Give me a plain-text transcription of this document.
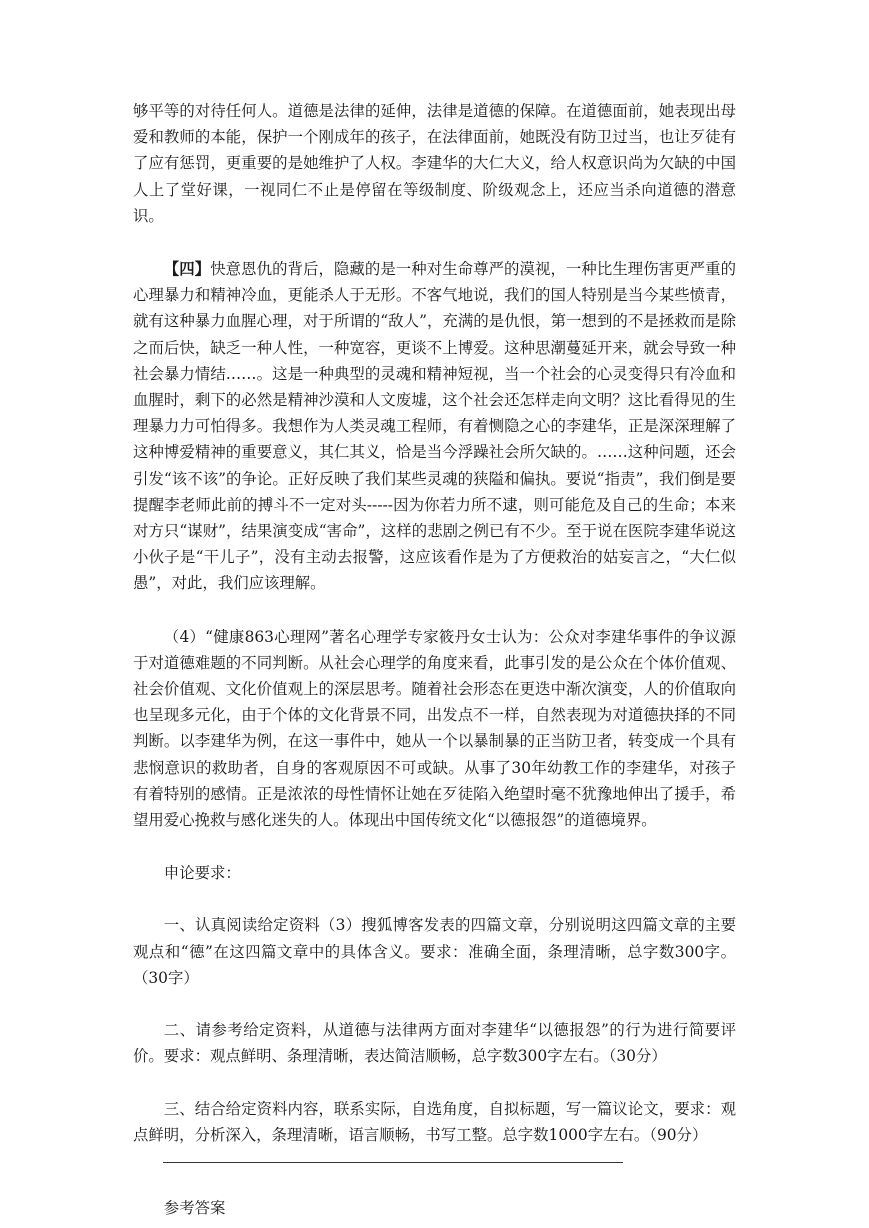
够平等的对待任何人。道德是法律的延伸，法律是道德的保障。在道德面前，她表现出母爱和教师的本能，保护一个刚成年的孩子，在法律面前，她既没有防卫过当，也让歹徒有了应有惩罚，更重要的是她维护了人权。李建华的大仁大义，给人权意识尚为欠缺的中国人上了堂好课，一视同仁不止是停留在等级制度、阶级观念上，还应当杀向道德的潜意识。

【四】快意恩仇的背后，隐藏的是一种对生命尊严的漠视，一种比生理伤害更严重的心理暴力和精神冷血，更能杀人于无形。不客气地说，我们的国人特别是当今某些愤青，就有这种暴力血腥心理，对于所谓的“敌人”，充满的是仇恨，第一想到的不是拯救而是除之而后快，缺乏一种人性，一种宽容，更谈不上博爱。这种思潮蔓延开来，就会导致一种社会暴力情结……。这是一种典型的灵魂和精神短视，当一个社会的心灵变得只有冷血和血腥时，剩下的必然是精神沙漠和人文废墟，这个社会还怎样走向文明？这比看得见的生理暴力力可怕得多。我想作为人类灵魂工程师，有着恻隐之心的李建华，正是深深理解了这种博爱精神的重要意义，其仁其义，恰是当今浮躁社会所欠缺的。……这种问题，还会引发“该不该”的争论。正好反映了我们某些灵魂的狭隘和偏执。要说“指责”，我们倒是要提醒李老师此前的搏斗不一定对头-----因为你若力所不逮，则可能危及自己的生命；本来对方只“谋财”，结果演变成“害命”，这样的悲剧之例已有不少。至于说在医院李建华说这小伙子是“干儿子”，没有主动去报警，这应该看作是为了方便救治的姑妄言之，“大仁似愚”，对此，我们应该理解。

（4）“健康863心理网”著名心理学专家筱丹女士认为：公众对李建华事件的争议源于对道德难题的不同判断。从社会心理学的角度来看，此事引发的是公众在个体价值观、社会价值观、文化价值观上的深层思考。随着社会形态在更迭中渐次演变，人的价值取向也呈现多元化，由于个体的文化背景不同，出发点不一样，自然表现为对道德抉择的不同判断。以李建华为例，在这一事件中，她从一个以暴制暴的正当防卫者，转变成一个具有悲悯意识的救助者，自身的客观原因不可或缺。从事了30年幼教工作的李建华，对孩子有着特别的感情。正是浓浓的母性情怀让她在歹徒陷入绝望时毫不犹豫地伸出了援手，希望用爱心挽救与感化迷失的人。体现出中国传统文化“以德报怨”的道德境界。

申论要求：

一、认真阅读给定资料（3）搜狐博客发表的四篇文章，分别说明这四篇文章的主要观点和“德”在这四篇文章中的具体含义。要求：准确全面，条理清晰，总字数300字。（30字）

二、请参考给定资料，从道德与法律两方面对李建华“以德报怨”的行为进行简要评价。要求：观点鲜明、条理清晰，表达简洁顺畅，总字数300字左右。（30分）

三、结合给定资料内容，联系实际，自选角度，自拟标题，写一篇议论文，要求：观点鲜明，分析深入，条理清晰，语言顺畅，书写工整。总字数1000字左右。（90分）

参考答案
